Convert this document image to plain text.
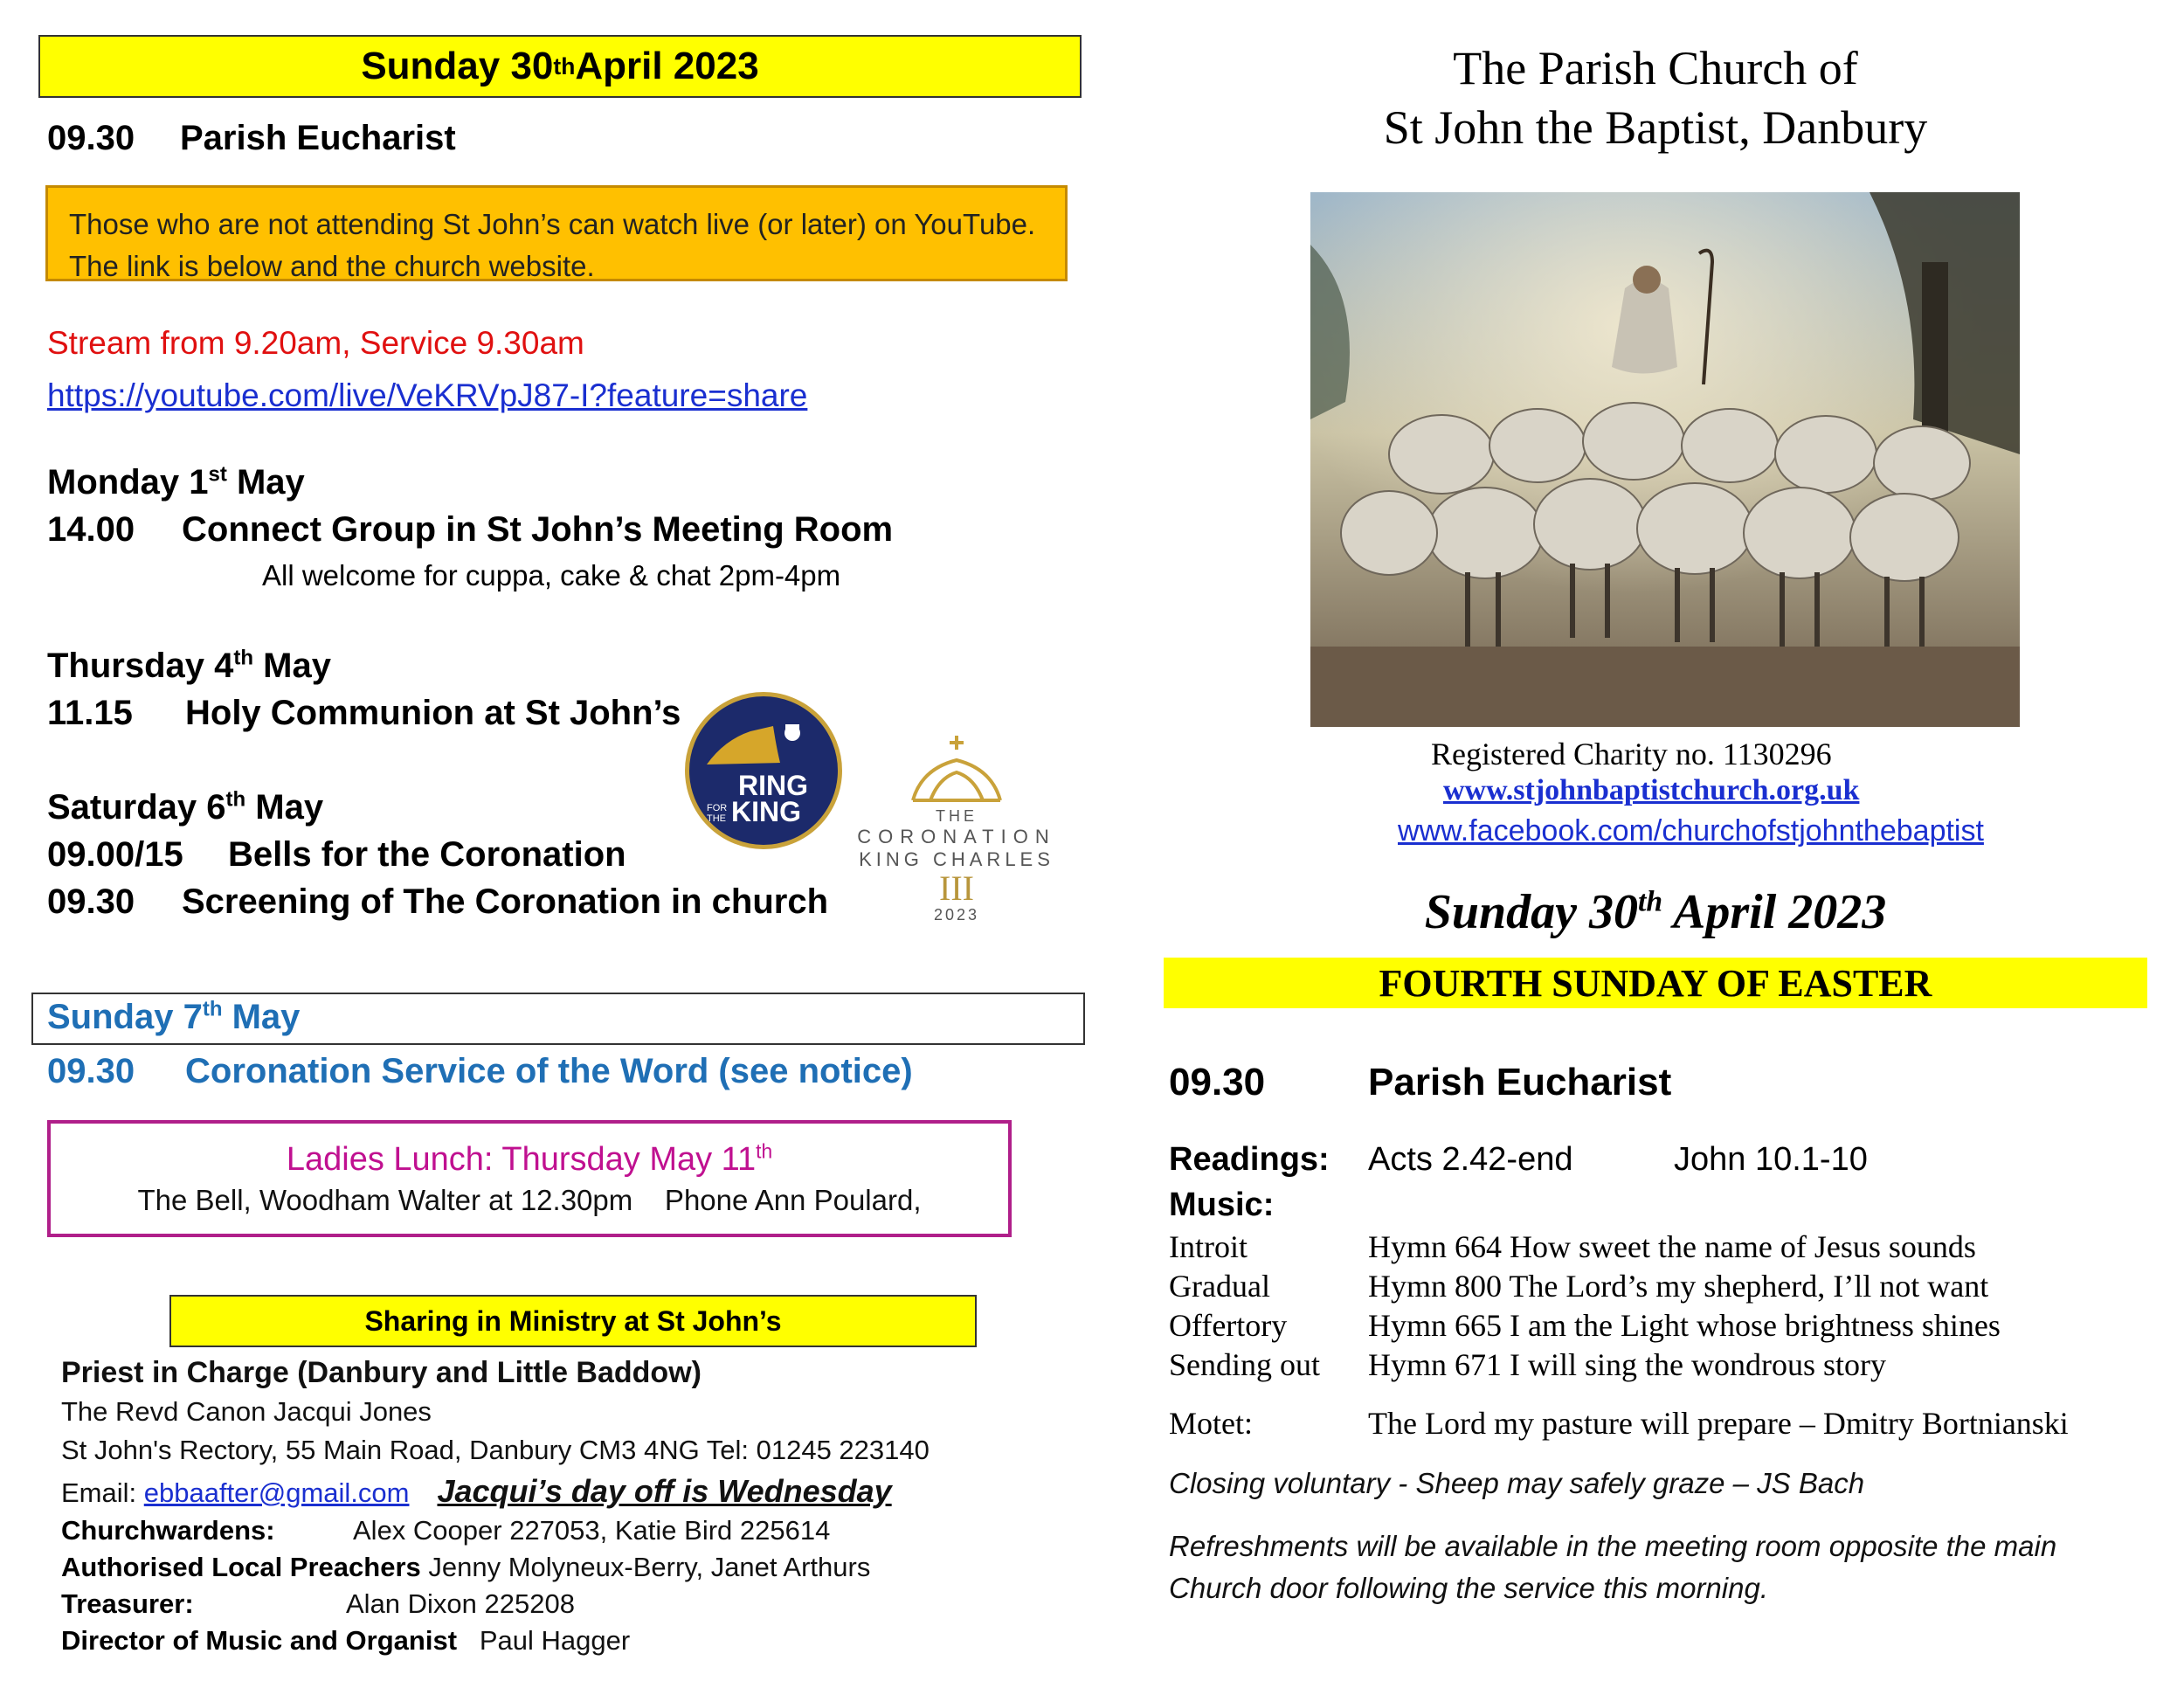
Sunday 30 th April 2023
09.30 Parish Eucharist
Those who are not attending St John’s can watch live (or later) on YouTube. The link is below and the church website.
Stream from 9.20am, Service 9.30am
https://youtube.com/live/VeKRVpJ87-I?feature=share
Monday 1st May
14.00 Connect Group in St John’s Meeting Room
All welcome for cuppa, cake & chat 2pm-4pm
Thursday 4th May
11.15 Holy Communion at St John’s
Saturday 6th May
09.00/15 Bells for the Coronation
09.30 Screening of The Coronation in church
RING
FOR
THE KING	THE
CORONATION
KING CHARLES
III
2023
Sunday 7th May
09.30 Coronation Service of the Word (see notice)
Ladies Lunch: Thursday May 11th
The Bell, Woodham Walter at 12.30pm    Phone Ann Poulard,
Sharing in Ministry at St John’s
Priest in Charge (Danbury and Little Baddow)
The Revd Canon Jacqui Jones
St John's Rectory, 55 Main Road, Danbury CM3 4NG Tel: 01245 223140
Email: ebbaafter@gmail.com Jacqui’s day off is Wednesday
Churchwardens:	Alex Cooper 227053, Katie Bird 225614
Authorised Local Preachers Jenny Molyneux-Berry, Janet Arthurs
Treasurer:	Alan Dixon 225208
Director of Music and Organist Paul Hagger
The Parish Church of
St John the Baptist, Danbury
Registered Charity no. 1130296
www.stjohnbaptistchurch.org.uk
www.facebook.com/churchofstjohnthebaptist
Sunday 30th April 2023
FOURTH SUNDAY OF EASTER
09.30	Parish Eucharist
Readings: Acts 2.42-end	John 10.1-10
Music:
Introit	Hymn 664 How sweet the name of Jesus sounds
Gradual	Hymn 800 The Lord’s my shepherd, I’ll not want
Offertory	Hymn 665 I am the Light whose brightness shines
Sending out Hymn 671 I will sing the wondrous story
Motet:	The Lord my pasture will prepare – Dmitry Bortnianski
Closing voluntary - Sheep may safely graze – JS Bach
Refreshments will be available in the meeting room opposite the main Church door following the service this morning.
